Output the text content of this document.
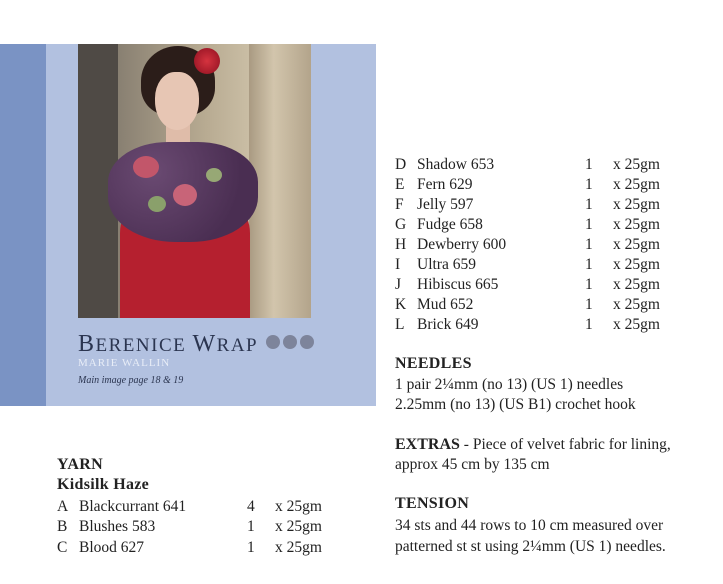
BERENICE WRAP
MARIE WALLIN
Main image page 18 & 19
YARN
Kidsilk Haze
A Blackcurrant 641	4 x 25gm
B Blushes 583	1 x 25gm
C Blood 627	1 x 25gm
D Shadow 653	1 x 25gm
E Fern 629	1 x 25gm
F Jelly 597	1 x 25gm
G Fudge 658	1 x 25gm
H Dewberry 600	1 x 25gm
I Ultra 659	1 x 25gm
J Hibiscus 665	1 x 25gm
K Mud 652	1 x 25gm
L Brick 649	1 x 25gm
NEEDLES
1 pair 2¼mm (no 13) (US 1) needles
2.25mm (no 13) (US B1) crochet hook
EXTRAS - Piece of velvet fabric for lining,
approx 45 cm by 135 cm
TENSION
34 sts and 44 rows to 10 cm measured over
patterned st st using 2¼mm (US 1) needles.
